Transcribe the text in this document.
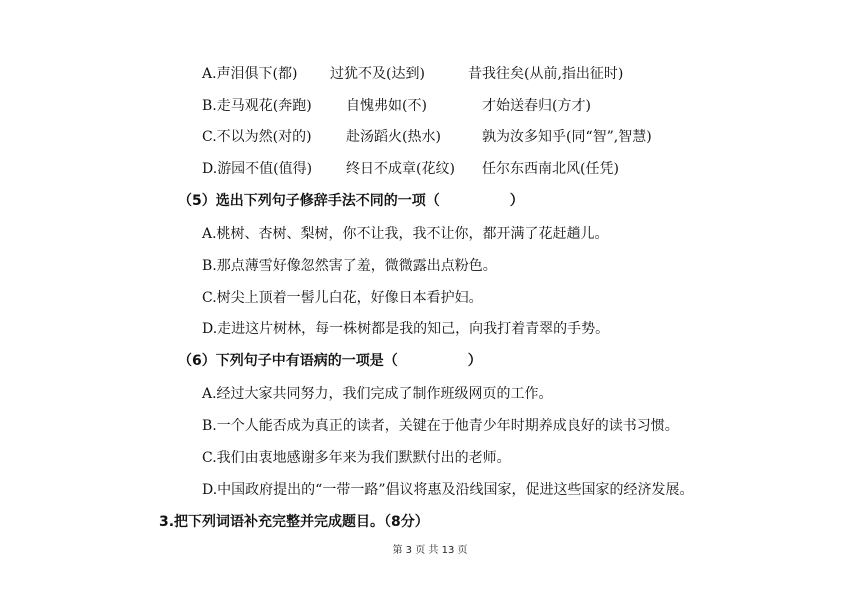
A.声泪俱下(都) 过犹不及(达到)	昔我往矣(从前,指出征时)
B.走马观花(奔跑) 自愧弗如(不)	才始送春归(方才)
C.不以为然(对的) 赴汤蹈火(热水)	孰为汝多知乎(同“智”,智慧)
D.游园不值(值得) 终日不成章(花纹) 任尔东西南北风(任凭)
（5）选出下列句子修辞手法不同的一项（	）
A.桃树、杏树、梨树，你不让我，我不让你，都开满了花赶趟儿。
B.那点薄雪好像忽然害了羞，微微露出点粉色。
C.树尖上顶着一髻儿白花，好像日本看护妇。
D.走进这片树林，每一株树都是我的知己，向我打着青翠的手势。
（6）下列句子中有语病的一项是（	）
A.经过大家共同努力，我们完成了制作班级网页的工作。
B.一个人能否成为真正的读者，关键在于他青少年时期养成良好的读书习惯。
C.我们由衷地感谢多年来为我们默默付出的老师。
D.中国政府提出的“一带一路”倡议将惠及沿线国家，促进这些国家的经济发展。
3.把下列词语补充完整并完成题目。（8分）
第 3 页 共 13 页
